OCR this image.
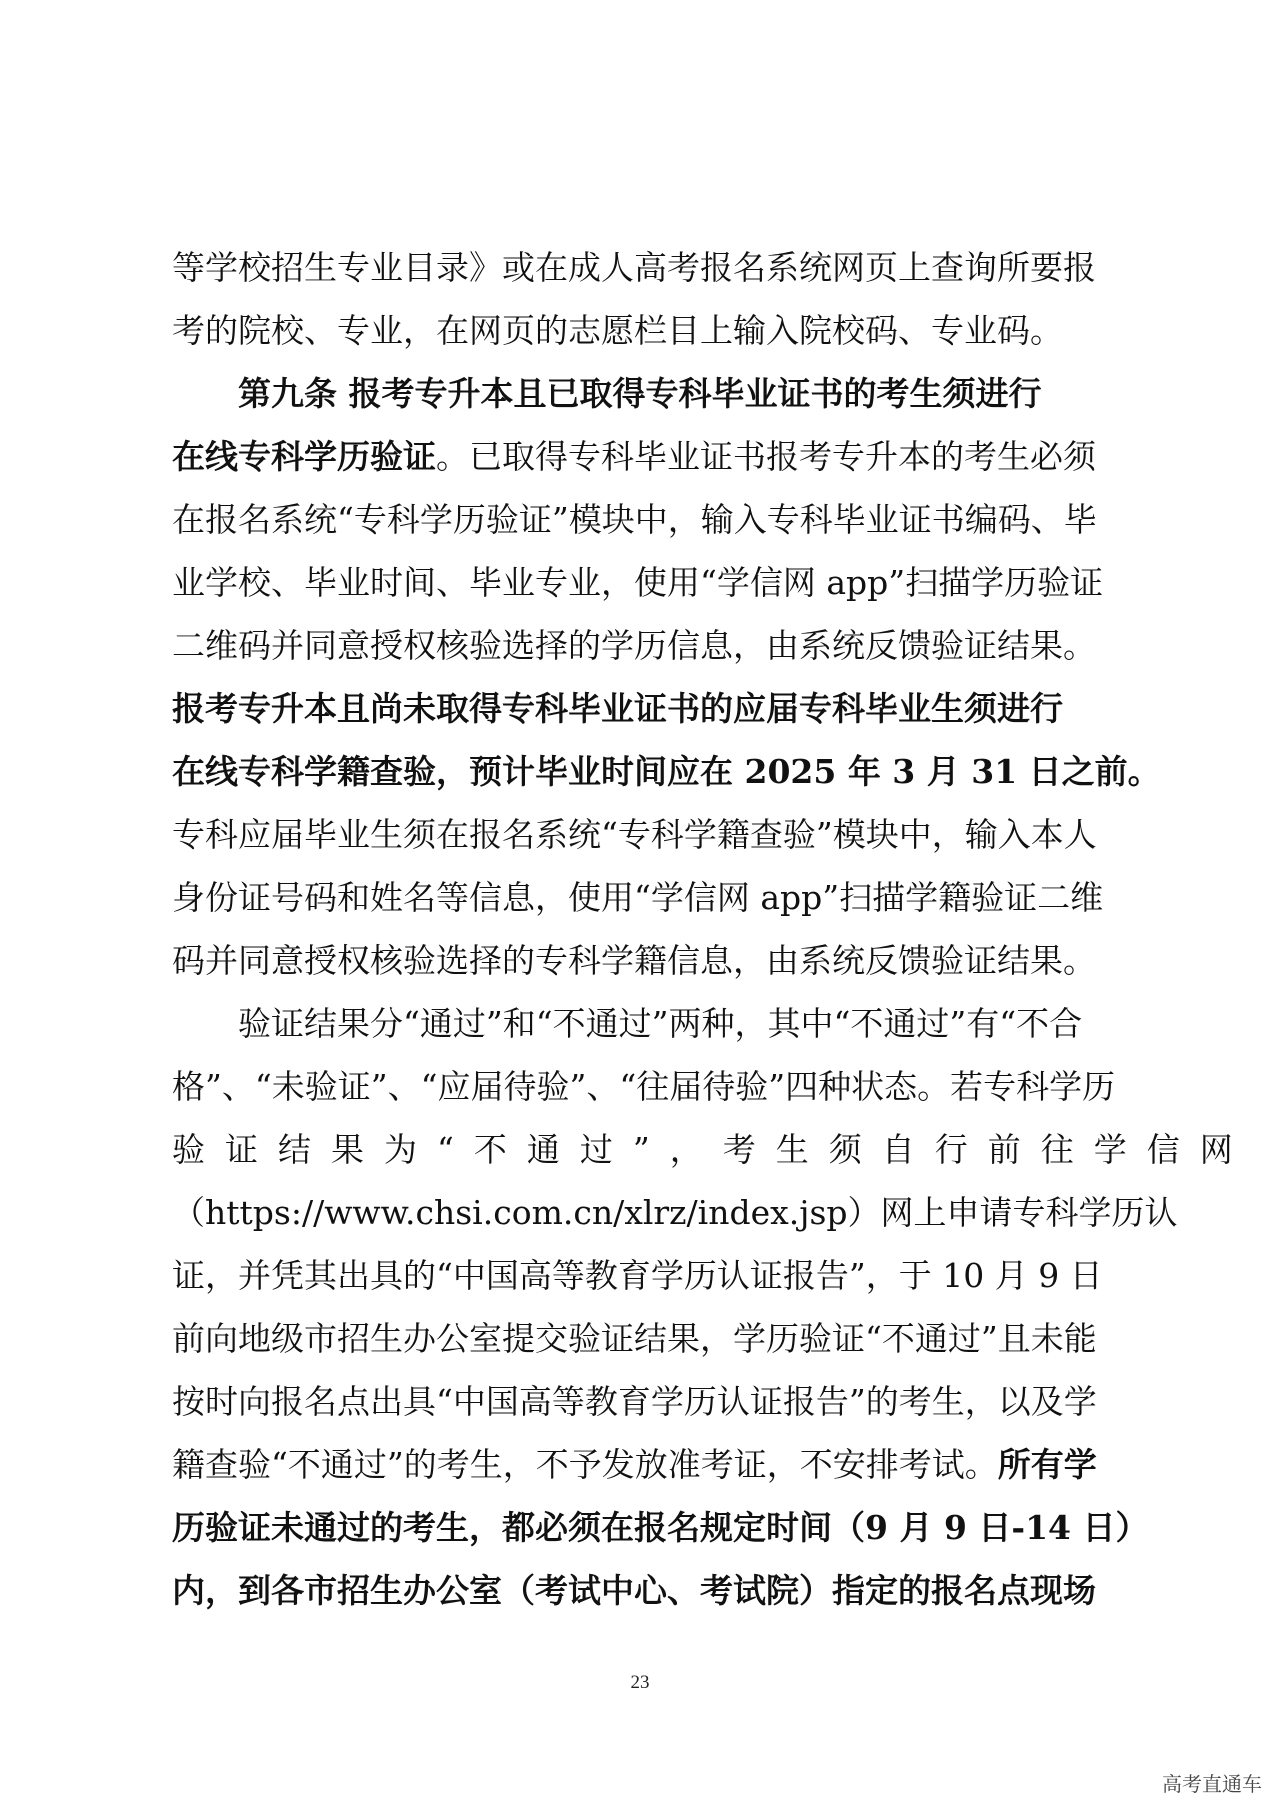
等学校招生专业目录》或在成人高考报名系统网页上查询所要报
考的院校、专业，在网页的志愿栏目上输入院校码、专业码。
第九条 报考专升本且已取得专科毕业证书的考生须进行
在线专科学历验证。已取得专科毕业证书报考专升本的考生必须
在报名系统“专科学历验证”模块中，输入专科毕业证书编码、毕
业学校、毕业时间、毕业专业，使用“学信网 app”扫描学历验证
二维码并同意授权核验选择的学历信息，由系统反馈验证结果。
报考专升本且尚未取得专科毕业证书的应届专科毕业生须进行
在线专科学籍查验，预计毕业时间应在 2025 年 3 月 31 日之前。
专科应届毕业生须在报名系统“专科学籍查验”模块中，输入本人
身份证号码和姓名等信息，使用“学信网 app”扫描学籍验证二维
码并同意授权核验选择的专科学籍信息，由系统反馈验证结果。
验证结果分“通过”和“不通过”两种，其中“不通过”有“不合
格”、“未验证”、“应届待验”、“往届待验”四种状态。若专科学历
验证结果为“不通过”，考生须自行前往学信网
（https://www.chsi.com.cn/xlrz/index.jsp）网上申请专科学历认
证，并凭其出具的“中国高等教育学历认证报告”，于 10 月 9 日
前向地级市招生办公室提交验证结果，学历验证“不通过”且未能
按时向报名点出具“中国高等教育学历认证报告”的考生，以及学
籍查验“不通过”的考生，不予发放准考证，不安排考试。所有学
历验证未通过的考生，都必须在报名规定时间（9 月 9 日-14 日）
内，到各市招生办公室（考试中心、考试院）指定的报名点现场
23
高考直通车
